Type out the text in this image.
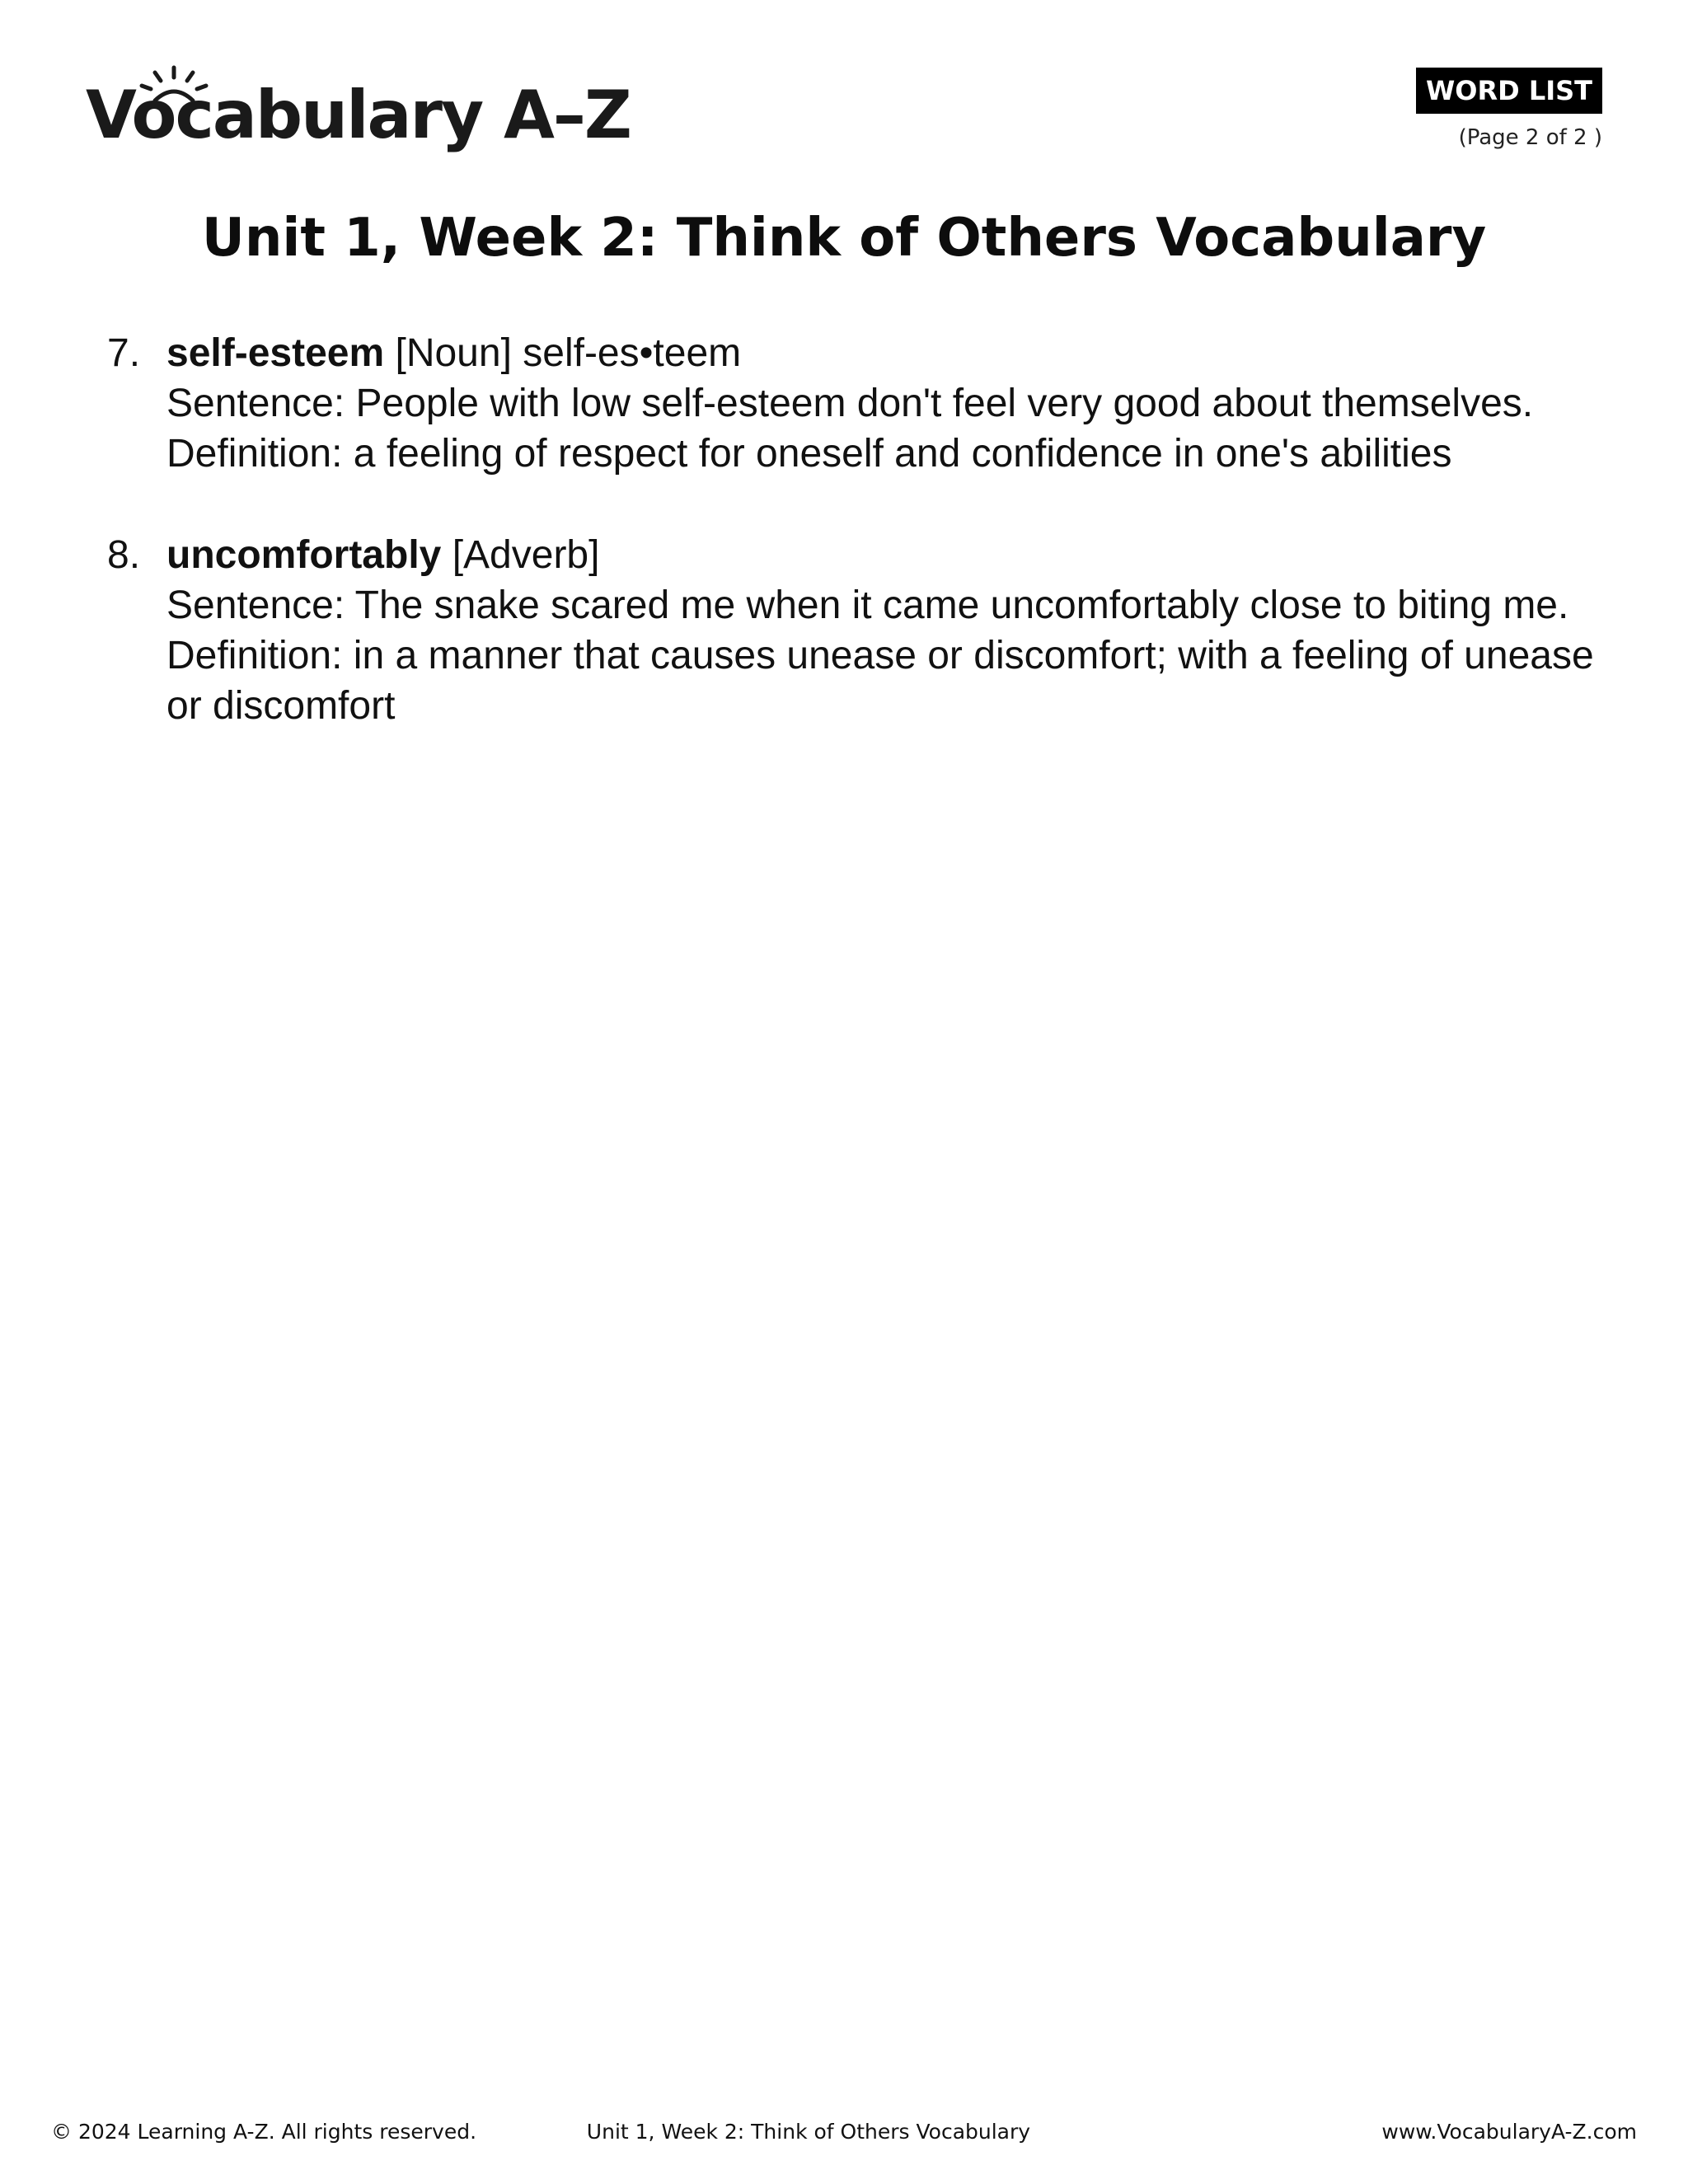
Vocabulary A–Z	WORD LIST
(Page 2 of 2 )
Unit 1, Week 2: Think of Others Vocabulary
7. self-esteem [Noun] self-es•teem
Sentence: People with low self-esteem don't feel very good about themselves.
Definition: a feeling of respect for oneself and confidence in one's abilities
8. uncomfortably [Adverb]
Sentence: The snake scared me when it came uncomfortably close to biting me.
Definition: in a manner that causes unease or discomfort; with a feeling of unease or discomfort
© 2024 Learning A-Z. All rights reserved.	Unit 1, Week 2: Think of Others Vocabulary	www.VocabularyA-Z.com
